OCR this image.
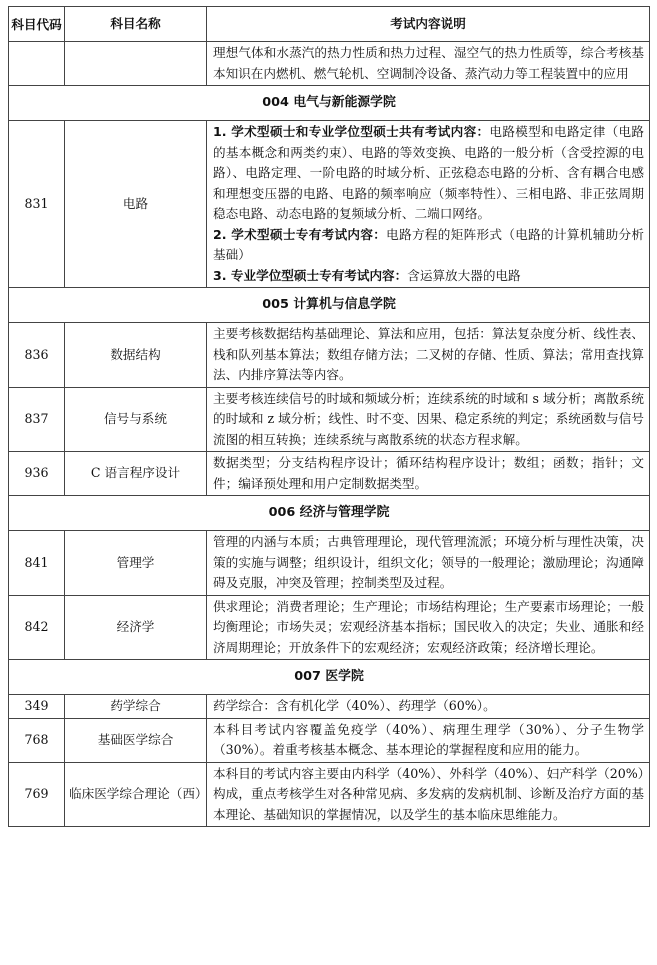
科目代码	科目名称	考试内容说明
		理想气体和水蒸汽的热力性质和热力过程、湿空气的热力性质等，综合考核基本知识在内燃机、燃气轮机、空调制冷设备、蒸汽动力等工程装置中的应用
004 电气与新能源学院		
831	电路	1. 学术型硕士和专业学位型硕士共有考试内容：电路模型和电路定律（电路的基本概念和两类约束）、电路的等效变换、电路的一般分析（含受控源的电路）、电路定理、一阶电路的时域分析、正弦稳态电路的分析、含有耦合电感和理想变压器的电路、电路的频率响应（频率特性）、三相电路、非正弦周期稳态电路、动态电路的复频域分析、二端口网络。
2. 学术型硕士专有考试内容：电路方程的矩阵形式（电路的计算机辅助分析基础）
3. 专业学位型硕士专有考试内容：含运算放大器的电路

005 计算机与信息学院		
836	数据结构	主要考核数据结构基础理论、算法和应用，包括：算法复杂度分析、线性表、栈和队列基本算法；数组存储方法；二叉树的存储、性质、算法；常用查找算法、内排序算法等内容。
837	信号与系统	主要考核连续信号的时域和频域分析；连续系统的时域和 s 域分析；离散系统的时域和 z 域分析；线性、时不变、因果、稳定系统的判定；系统函数与信号流图的相互转换；连续系统与离散系统的状态方程求解。
936	C 语言程序设计	数据类型；分支结构程序设计；循环结构程序设计；数组；函数；指针；文件；编译预处理和用户定制数据类型。
006 经济与管理学院		
841	管理学	管理的内涵与本质；古典管理理论，现代管理流派；环境分析与理性决策，决策的实施与调整；组织设计，组织文化；领导的一般理论；激励理论；沟通障碍及克服，冲突及管理；控制类型及过程。
842	经济学	供求理论；消费者理论；生产理论；市场结构理论；生产要素市场理论；一般均衡理论；市场失灵；宏观经济基本指标；国民收入的决定；失业、通胀和经济周期理论；开放条件下的宏观经济；宏观经济政策；经济增长理论。
007 医学院		
349	药学综合	药学综合：含有机化学（40%）、药理学（60%）。
768	基础医学综合	本科目考试内容覆盖免疫学（40%）、病理生理学（30%）、分子生物学（30%）。着重考核基本概念、基本理论的掌握程度和应用的能力。
769	临床医学综合理论（西）	本科目的考试内容主要由内科学（40%）、外科学（40%）、妇产科学（20%）构成，重点考核学生对各种常见病、多发病的发病机制、诊断及治疗方面的基本理论、基础知识的掌握情况，以及学生的基本临床思维能力。
